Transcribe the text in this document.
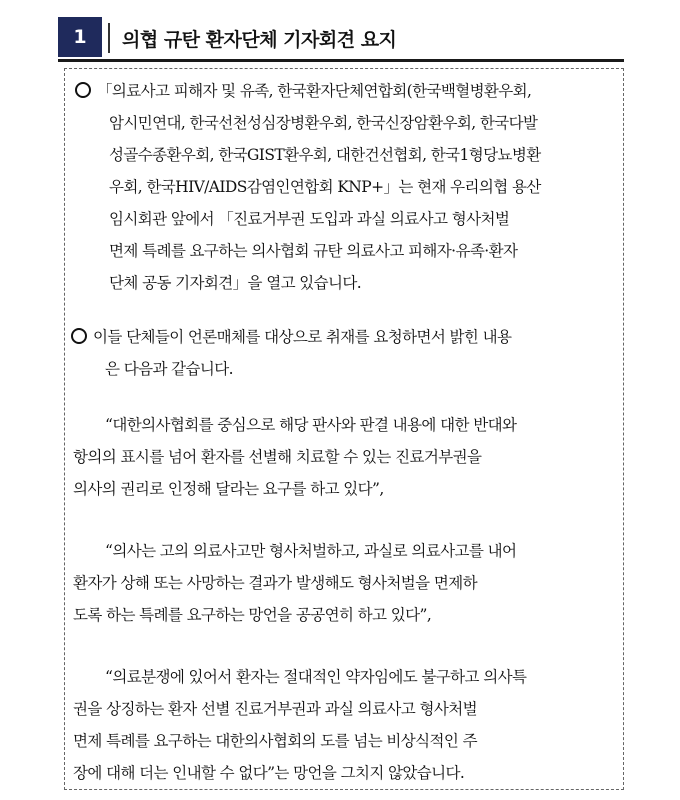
1	의협 규탄 환자단체 기자회견 요지
「의료사고 피해자 및 유족, 한국환자단체연합회(한국백혈병환우회,
암시민연대, 한국선천성심장병환우회, 한국신장암환우회, 한국다발
성골수종환우회, 한국GIST환우회, 대한건선협회, 한국1형당뇨병환
우회, 한국HIV/AIDS감염인연합회 KNP+」는 현재 우리의협 용산
임시회관 앞에서 「진료거부권 도입과 과실 의료사고 형사처벌
면제 특례를 요구하는 의사협회 규탄 의료사고 피해자·유족·환자
단체 공동 기자회견」을 열고 있습니다.
이들 단체들이 언론매체를 대상으로 취재를 요청하면서 밝힌 내용
은 다음과 같습니다.
“대한의사협회를 중심으로 해당 판사와 판결 내용에 대한 반대와
항의의 표시를 넘어 환자를 선별해 치료할 수 있는 진료거부권을
의사의 권리로 인정해 달라는 요구를 하고 있다”,
“의사는 고의 의료사고만 형사처벌하고, 과실로 의료사고를 내어
환자가 상해 또는 사망하는 결과가 발생해도 형사처벌을 면제하
도록 하는 특례를 요구하는 망언을 공공연히 하고 있다”,
“의료분쟁에 있어서 환자는 절대적인 약자임에도 불구하고 의사특
권을 상징하는 환자 선별 진료거부권과 과실 의료사고 형사처벌
면제 특례를 요구하는 대한의사협회의 도를 넘는 비상식적인 주
장에 대해 더는 인내할 수 없다”는 망언을 그치지 않았습니다.
